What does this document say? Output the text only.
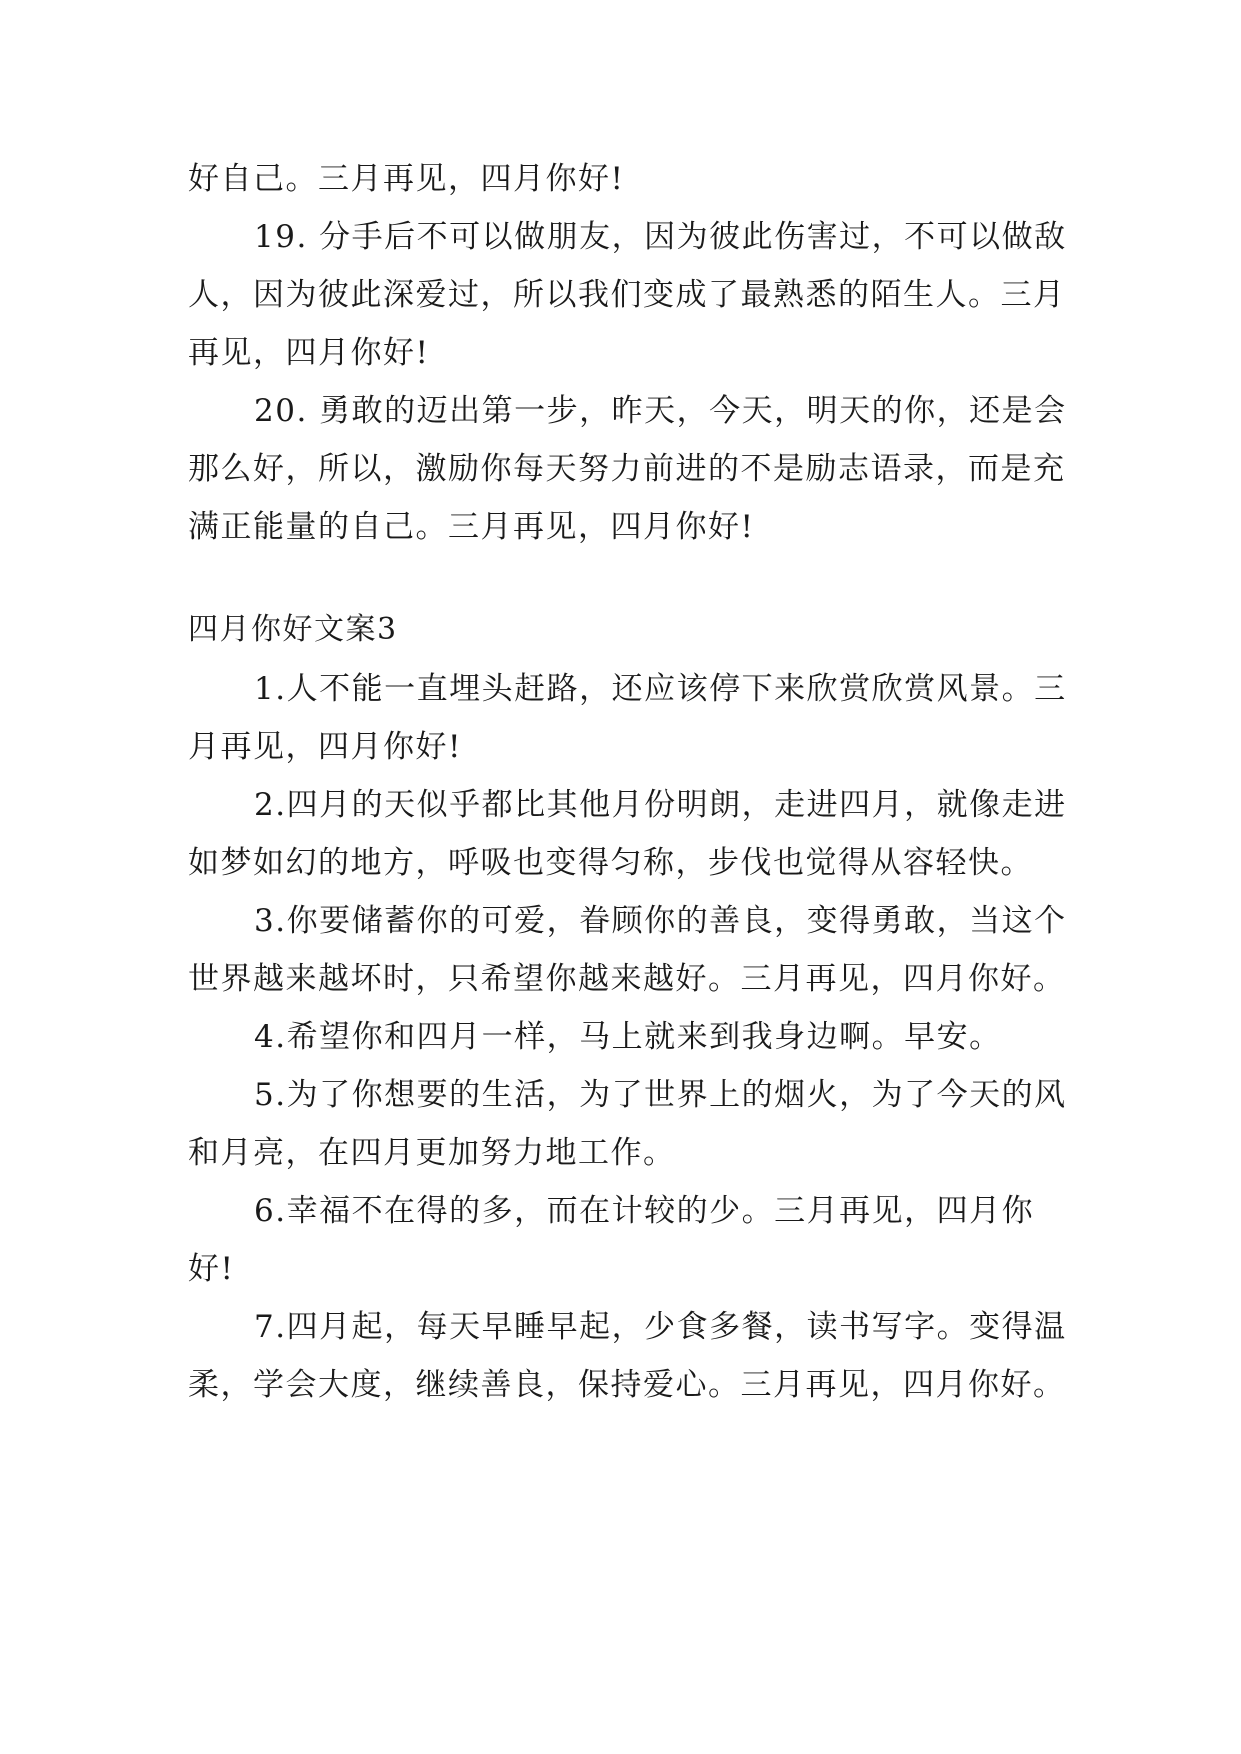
好自己。三月再见，四月你好!

19. 分手后不可以做朋友，因为彼此伤害过，不可以做敌人，因为彼此深爱过，所以我们变成了最熟悉的陌生人。三月再见，四月你好!

20. 勇敢的迈出第一步，昨天，今天，明天的你，还是会那么好，所以，激励你每天努力前进的不是励志语录，而是充满正能量的自己。三月再见，四月你好!

四月你好文案3

1.人不能一直埋头赶路，还应该停下来欣赏欣赏风景。三月再见，四月你好!

2.四月的天似乎都比其他月份明朗，走进四月，就像走进如梦如幻的地方，呼吸也变得匀称，步伐也觉得从容轻快。

3.你要储蓄你的可爱，眷顾你的善良，变得勇敢，当这个世界越来越坏时，只希望你越来越好。三月再见，四月你好。

4.希望你和四月一样，马上就来到我身边啊。早安。

5.为了你想要的生活，为了世界上的烟火，为了今天的风和月亮，在四月更加努力地工作。

6.幸福不在得的多，而在计较的少。三月再见，四月你好!

7.四月起，每天早睡早起，少食多餐，读书写字。变得温柔，学会大度，继续善良，保持爱心。三月再见，四月你好。
